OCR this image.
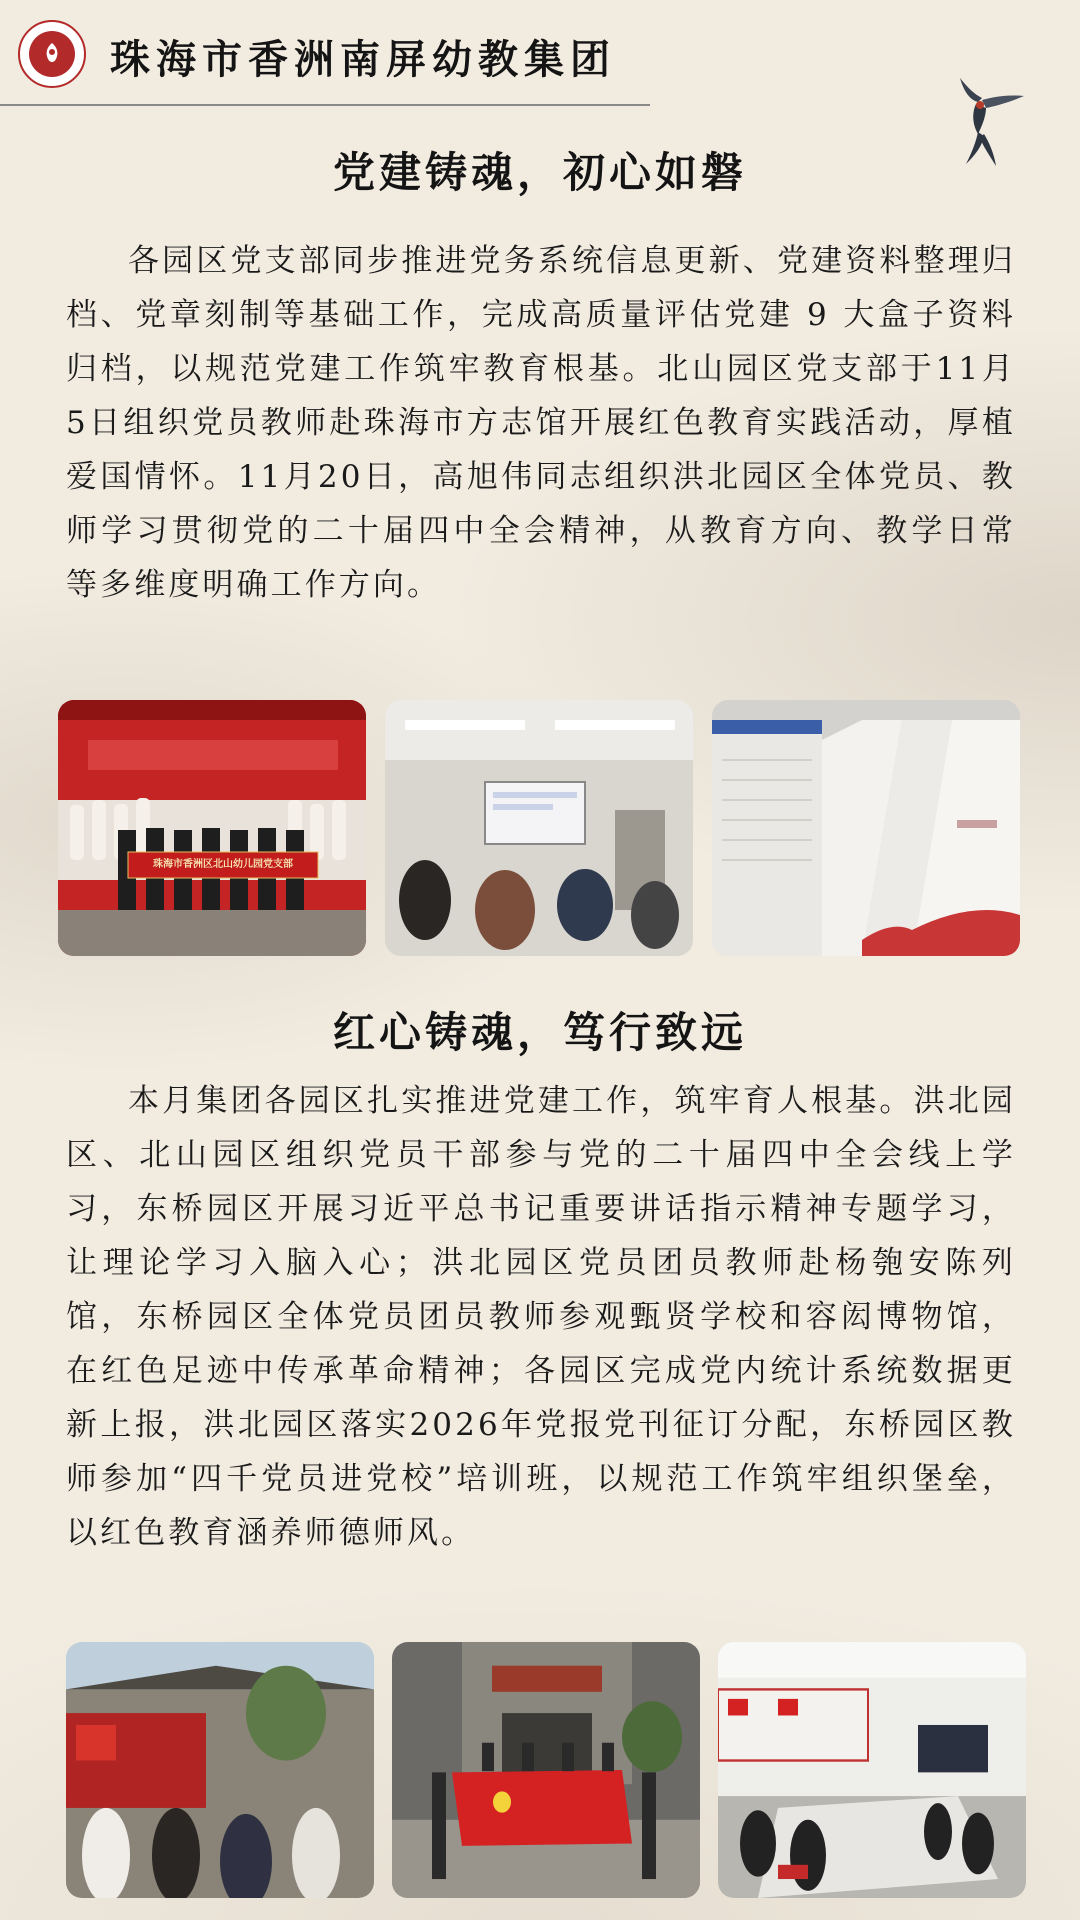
珠海市香洲南屏幼教集团
党建铸魂，初心如磐

各园区党支部同步推进党务系统信息更新、党建资料整理归档、党章刻制等基础工作，完成高质量评估党建 9 大盒子资料归档，以规范党建工作筑牢教育根基。北山园区党支部于11月5日组织党员教师赴珠海市方志馆开展红色教育实践活动，厚植爱国情怀。11月20日，高旭伟同志组织洪北园区全体党员、教师学习贯彻党的二十届四中全会精神，从教育方向、教学日常等多维度明确工作方向。

珠海市香洲区北山幼儿园党支部
红心铸魂，笃行致远

本月集团各园区扎实推进党建工作，筑牢育人根基。洪北园区、北山园区组织党员干部参与党的二十届四中全会线上学习，东桥园区开展习近平总书记重要讲话指示精神专题学习，让理论学习入脑入心；洪北园区党员团员教师赴杨匏安陈列馆，东桥园区全体党员团员教师参观甄贤学校和容闳博物馆，在红色足迹中传承革命精神；各园区完成党内统计系统数据更新上报，洪北园区落实2026年党报党刊征订分配，东桥园区教师参加“四千党员进党校”培训班，以规范工作筑牢组织堡垒，以红色教育涵养师德师风。
